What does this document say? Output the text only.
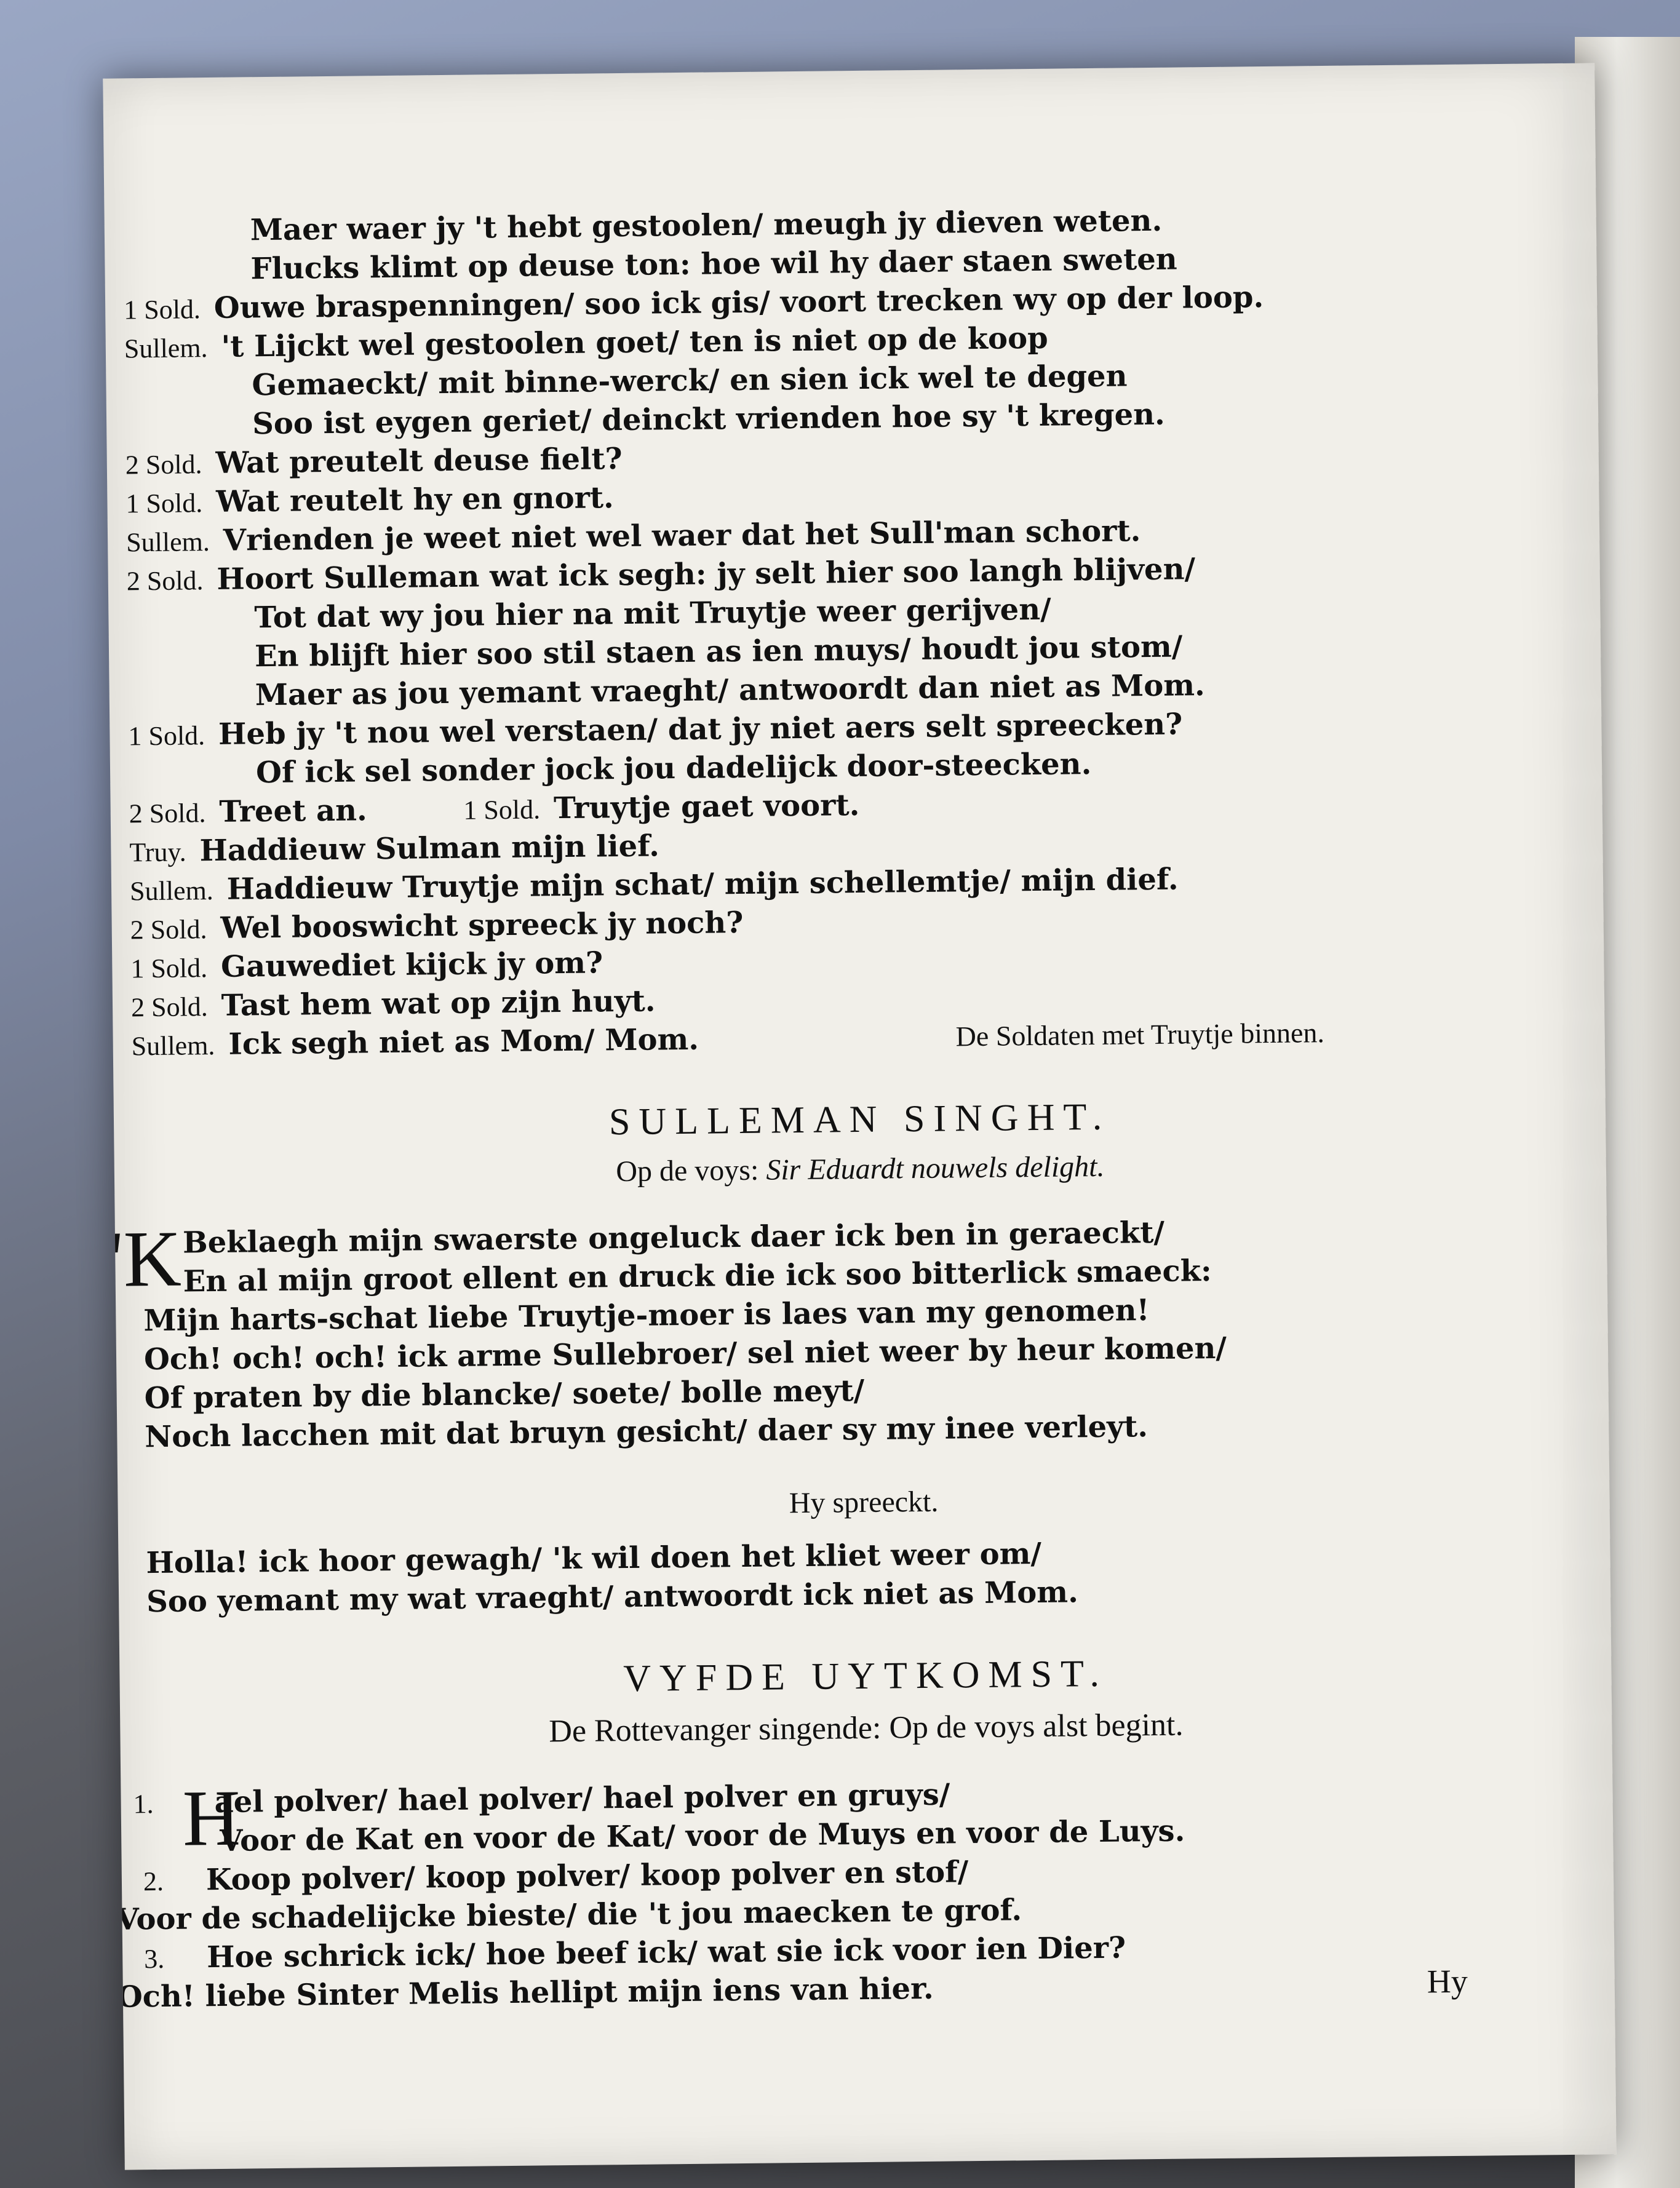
Maer waer jy 't hebt gestoolen/ meugh jy dieven weten.
Flucks klimt op deuse ton: hoe wil hy daer staen sweten
1 Sold. Ouwe braspenningen/ soo ick gis/ voort trecken wy op der loop.
Sullem. 't Lijckt wel gestoolen goet/ ten is niet op de koop
Gemaeckt/ mit binne-werck/ en sien ick wel te degen
Soo ist eygen geriet/ deinckt vrienden hoe sy 't kregen.
2 Sold. Wat preutelt deuse fielt?
1 Sold. Wat reutelt hy en gnort.
Sullem. Vrienden je weet niet wel waer dat het Sull'man schort.
2 Sold. Hoort Sulleman wat ick segh: jy selt hier soo langh blijven/
Tot dat wy jou hier na mit Truytje weer gerijven/
En blijft hier soo stil staen as ien muys/ houdt jou stom/
Maer as jou yemant vraeght/ antwoordt dan niet as Mom.
1 Sold. Heb jy 't nou wel verstaen/ dat jy niet aers selt spreecken?
Of ick sel sonder jock jou dadelijck door-steecken.
2 Sold. Treet an.	1 Sold. Truytje gaet voort.
Truy. Haddieuw Sulman mijn lief.
Sullem. Haddieuw Truytje mijn schat/ mijn schellemtje/ mijn dief.
2 Sold. Wel booswicht spreeck jy noch?
1 Sold. Gauwediet kijck jy om?
2 Sold. Tast hem wat op zijn huyt.
Sullem. Ick segh niet as Mom/ Mom.	De Soldaten met Truytje binnen.
SULLEMAN SINGHT.
Op de voys: Sir Eduardt nouwels delight.
'K Beklaegh mijn swaerste ongeluck daer ick ben in geraeckt/
En al mijn groot ellent en druck die ick soo bitterlick smaeck:
Mijn harts-schat liebe Truytje-moer is laes van my genomen!
Och! och! och! ick arme Sullebroer/ sel niet weer by heur komen/
Of praten by die blancke/ soete/ bolle meyt/
Noch lacchen mit dat bruyn gesicht/ daer sy my inee verleyt.
Hy spreeckt.
Holla! ick hoor gewagh/ 'k wil doen het kliet weer om/
Soo yemant my wat vraeght/ antwoordt ick niet as Mom.
VYFDE UYTKOMST.
De Rottevanger singende: Op de voys alst begint.
H
1. ael polver/ hael polver/ hael polver en gruys/
Voor de Kat en voor de Kat/ voor de Muys en voor de Luys.
2. Koop polver/ koop polver/ koop polver en stof/
Voor de schadelijcke bieste/ die 't jou maecken te grof.
3. Hoe schrick ick/ hoe beef ick/ wat sie ick voor ien Dier?
Och! liebe Sinter Melis hellipt mijn iens van hier.	Hy
